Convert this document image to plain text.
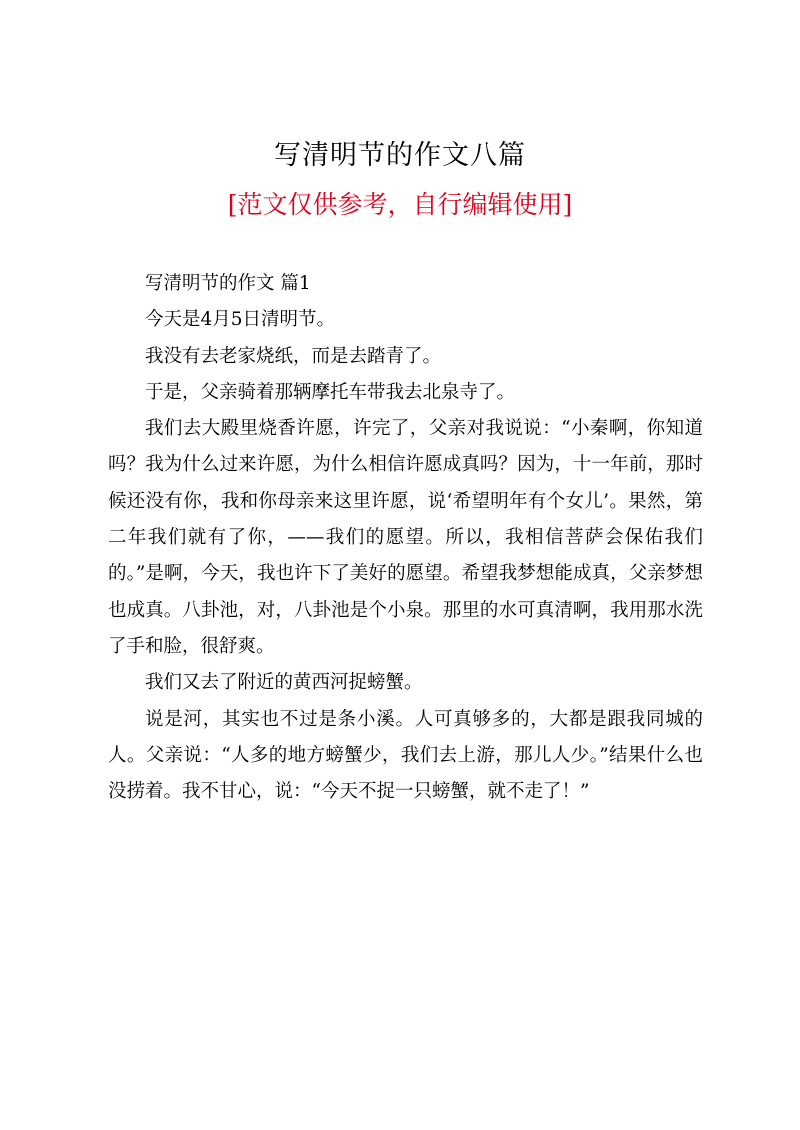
写清明节的作文八篇
[范文仅供参考，自行编辑使用]

写清明节的作文 篇1

今天是4月5日清明节。

我没有去老家烧纸，而是去踏青了。

于是，父亲骑着那辆摩托车带我去北泉寺了。

我们去大殿里烧香许愿，许完了，父亲对我说说：“小秦啊，你知道吗？我为什么过来许愿，为什么相信许愿成真吗？因为，十一年前，那时候还没有你，我和你母亲来这里许愿，说‘希望明年有个女儿’。果然，第二年我们就有了你，——我们的愿望。所以，我相信菩萨会保佑我们的。”是啊，今天，我也许下了美好的愿望。希望我梦想能成真，父亲梦想也成真。八卦池，对，八卦池是个小泉。那里的水可真清啊，我用那水洗了手和脸，很舒爽。

我们又去了附近的黄西河捉螃蟹。

说是河，其实也不过是条小溪。人可真够多的，大都是跟我同城的人。父亲说：“人多的地方螃蟹少，我们去上游，那儿人少。”结果什么也没捞着。我不甘心，说：“今天不捉一只螃蟹，就不走了！”
